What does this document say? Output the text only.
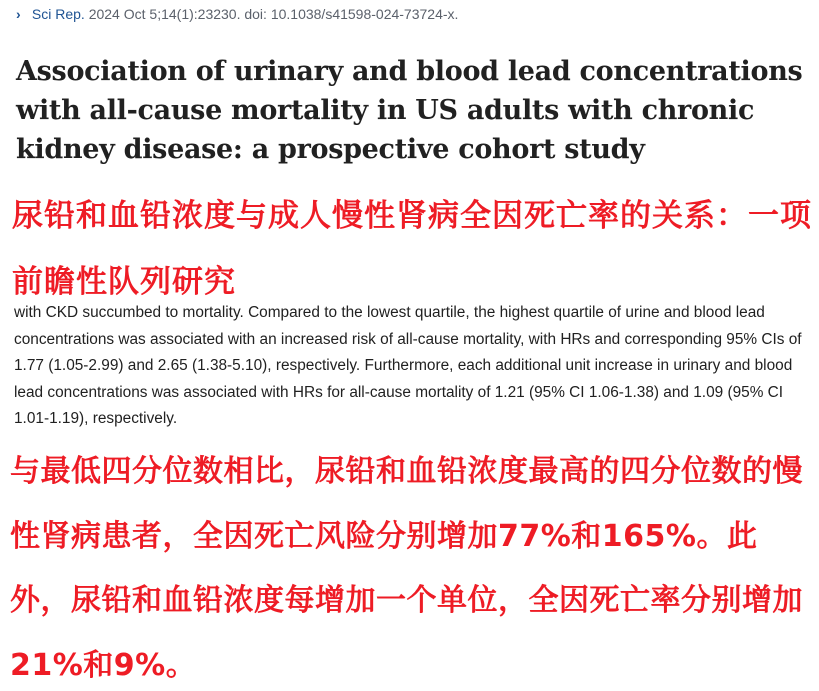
› Sci Rep. 2024 Oct 5;14(1):23230. doi: 10.1038/s41598-024-73724-x.
Association of urinary and blood lead concentrations with all-cause mortality in US adults with chronic kidney disease: a prospective cohort study
尿铅和血铅浓度与成人慢性肾病全因死亡率的关系：一项前瞻性队列研究

with CKD succumbed to mortality. Compared to the lowest quartile, the highest quartile of urine and blood lead concentrations was associated with an increased risk of all-cause mortality, with HRs and corresponding 95% CIs of 1.77 (1.05-2.99) and 2.65 (1.38-5.10), respectively. Furthermore, each additional unit increase in urinary and blood lead concentrations was associated with HRs for all-cause mortality of 1.21 (95% CI 1.06-1.38) and 1.09 (95% CI 1.01-1.19), respectively.

与最低四分位数相比，尿铅和血铅浓度最高的四分位数的慢性肾病患者，全因死亡风险分别增加77%和165%。此外，尿铅和血铅浓度每增加一个单位，全因死亡率分别增加21%和9%。
